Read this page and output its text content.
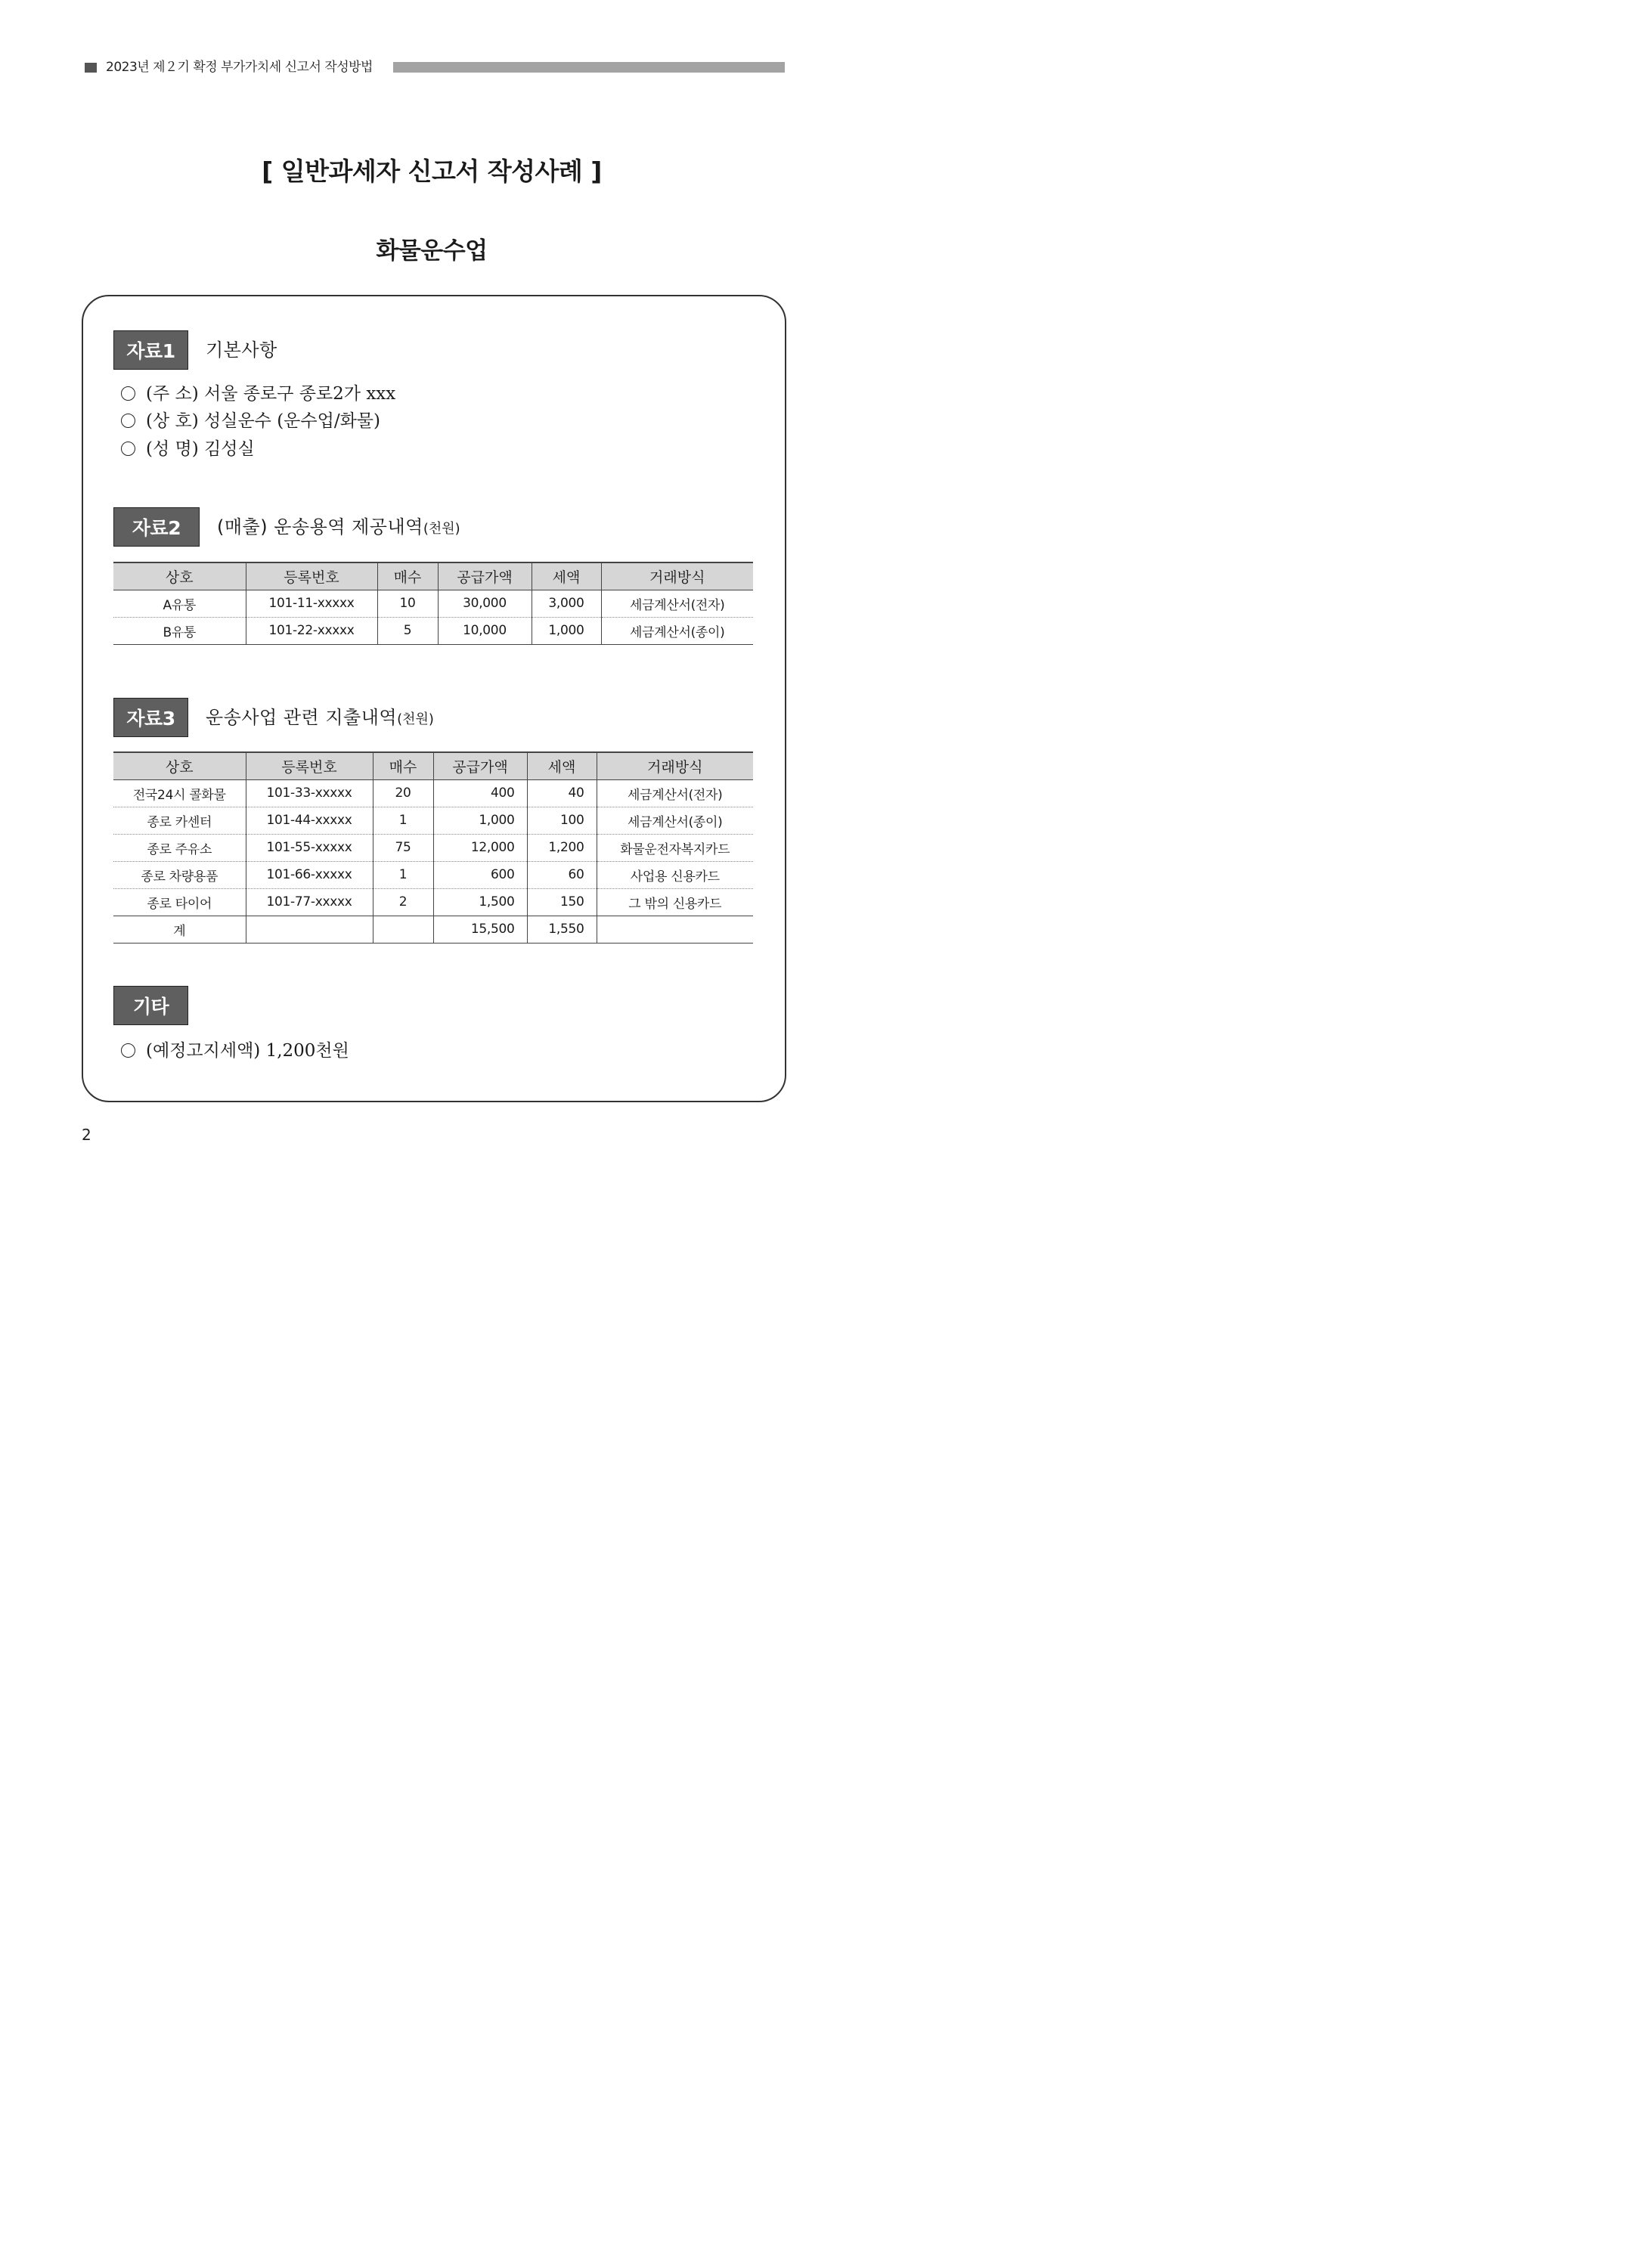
2023년 제２기 확정 부가가치세 신고서 작성방법
[ 일반과세자 신고서 작성사례 ]
화물운수업
자료1	기본사항
(주 소) 서울 종로구 종로2가 xxx
(상 호) 성실운수 (운수업/화물)
(성 명) 김성실
자료2	(매출) 운송용역 제공내역(천원)
상호	등록번호	매수	공급가액	세액	거래방식
A유통	101-11-xxxxx	10	30,000	3,000	세금계산서(전자)
B유통	101-22-xxxxx	5	10,000	1,000	세금계산서(종이)
자료3	운송사업 관련 지출내역(천원)
상호	등록번호	매수	공급가액	세액	거래방식
전국24시 콜화물	101-33-xxxxx	20	400	40	세금계산서(전자)
종로 카센터	101-44-xxxxx	1	1,000	100	세금계산서(종이)
종로 주유소	101-55-xxxxx	75	12,000	1,200	화물운전자복지카드
종로 차량용품	101-66-xxxxx	1	600	60	사업용 신용카드
종로 타이어	101-77-xxxxx	2	1,500	150	그 밖의 신용카드
계			15,500	1,550	
기타
(예정고지세액) 1,200천원
2
